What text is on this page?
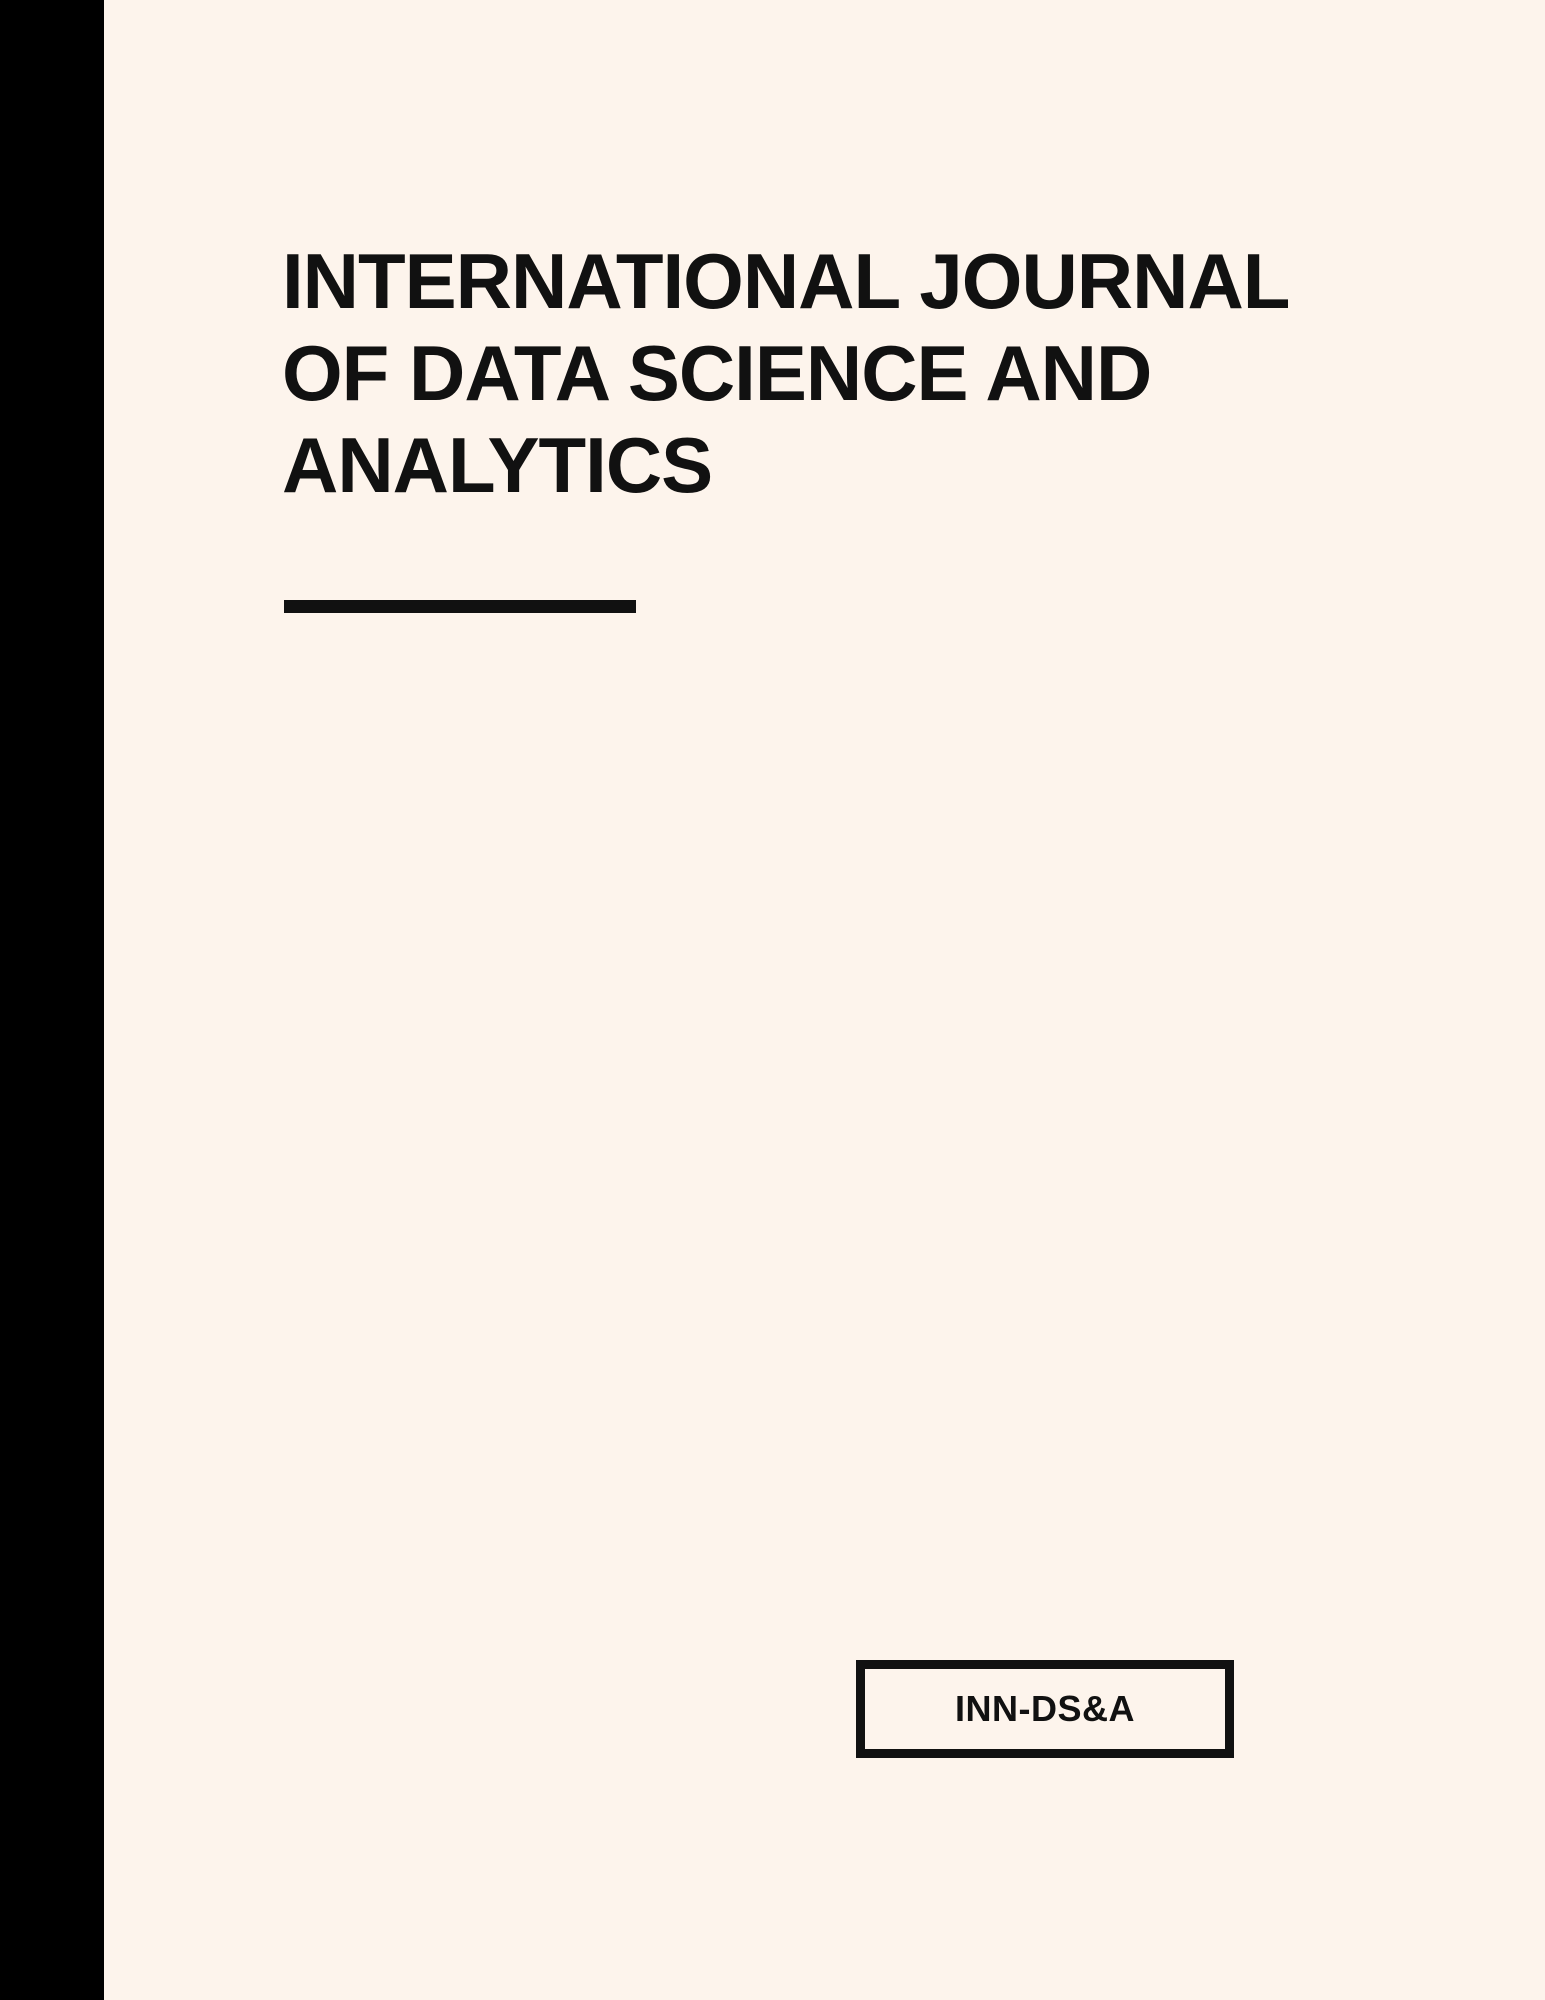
INTERNATIONAL JOURNAL OF DATA SCIENCE AND ANALYTICS
INN-DS&A
